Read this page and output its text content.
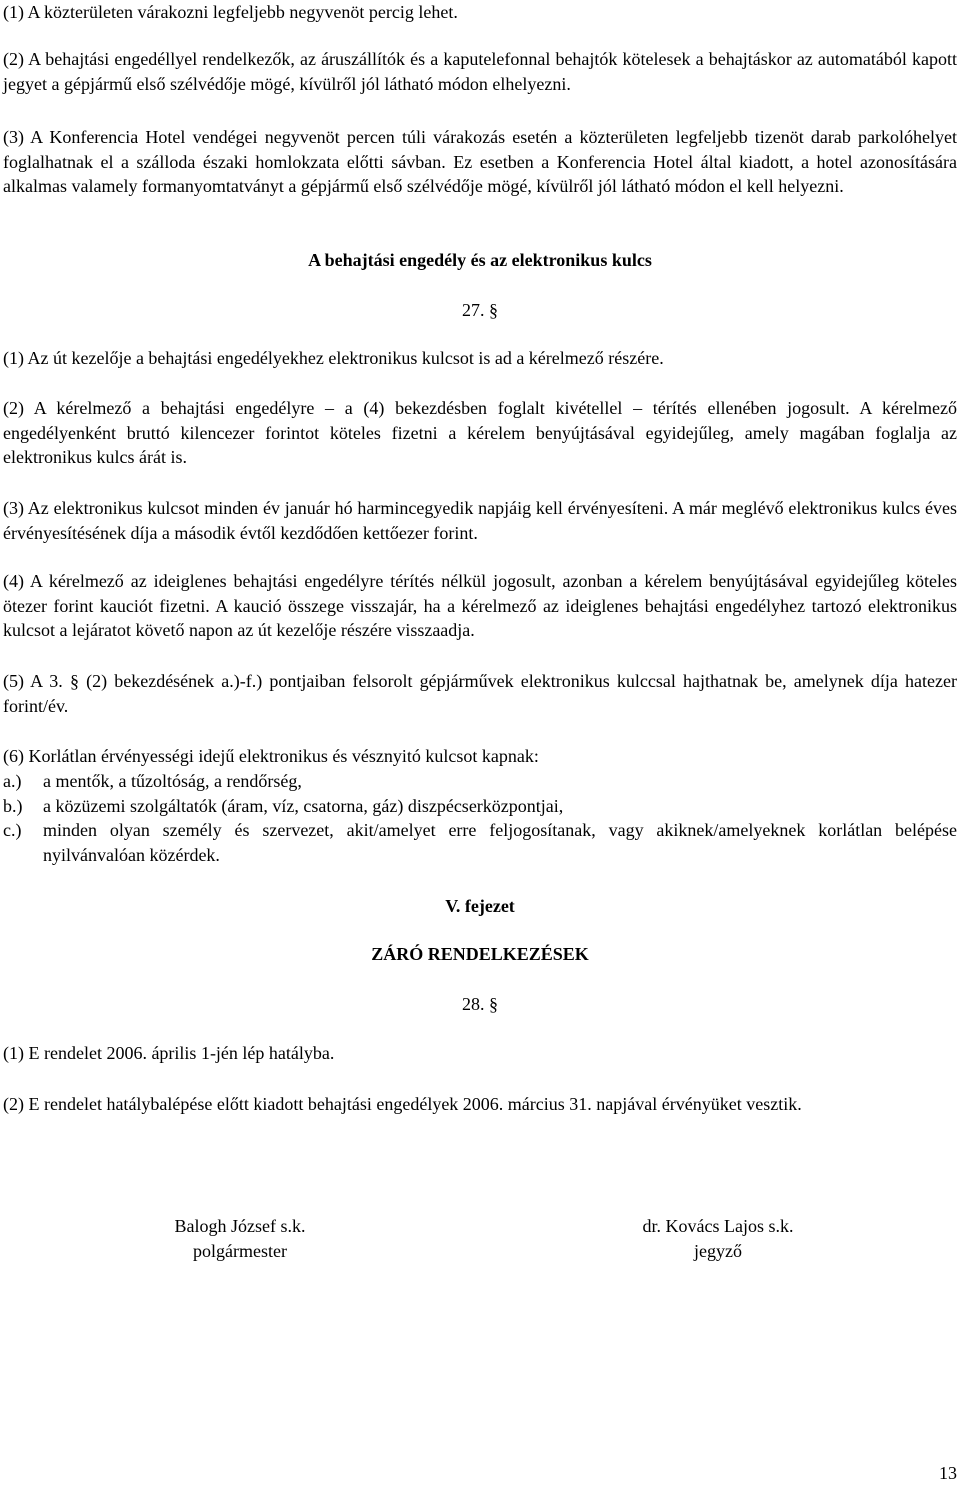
(1) A közterületen várakozni legfeljebb negyvenöt percig lehet.

(2) A behajtási engedéllyel rendelkezők, az áruszállítók és a kaputelefonnal behajtók kötelesek a behajtáskor az automatából kapott jegyet a gépjármű első szélvédője mögé, kívülről jól látható módon elhelyezni.

(3) A Konferencia Hotel vendégei negyvenöt percen túli várakozás esetén a közterületen legfeljebb tizenöt darab parkolóhelyet foglalhatnak el a szálloda északi homlokzata előtti sávban. Ez esetben a Konferencia Hotel által kiadott, a hotel azonosítására alkalmas valamely formanyomtatványt a gépjármű első szélvédője mögé, kívülről jól látható módon el kell helyezni.

A behajtási engedély és az elektronikus kulcs

27. §

(1) Az út kezelője a behajtási engedélyekhez elektronikus kulcsot is ad a kérelmező részére.

(2) A kérelmező a behajtási engedélyre – a (4) bekezdésben foglalt kivétellel – térítés ellenében jogosult. A kérelmező engedélyenként bruttó kilencezer forintot köteles fizetni a kérelem benyújtásával egyidejűleg, amely magában foglalja az elektronikus kulcs árát is.

(3) Az elektronikus kulcsot minden év január hó harmincegyedik napjáig kell érvényesíteni. A már meglévő elektronikus kulcs éves érvényesítésének díja a második évtől kezdődően kettőezer forint.

(4) A kérelmező az ideiglenes behajtási engedélyre térítés nélkül jogosult, azonban a kérelem benyújtásával egyidejűleg köteles ötezer forint kauciót fizetni. A kaució összege visszajár, ha a kérelmező az ideiglenes behajtási engedélyhez tartozó elektronikus kulcsot a lejáratot követő napon az út kezelője részére visszaadja.

(5) A 3. § (2) bekezdésének a.)-f.) pontjaiban felsorolt gépjárművek elektronikus kulccsal hajthatnak be, amelynek díja hatezer forint/év.

(6) Korlátlan érvényességi idejű elektronikus és vésznyitó kulcsot kapnak:

a.)	a mentők, a tűzoltóság, a rendőrség,
b.)	a közüzemi szolgáltatók (áram, víz, csatorna, gáz) diszpécserközpontjai,
c.)	minden olyan személy és szervezet, akit/amelyet erre feljogosítanak, vagy akiknek/amelyeknek korlátlan belépése nyilvánvalóan közérdek.

V. fejezet

ZÁRÓ RENDELKEZÉSEK

28. §

(1) E rendelet 2006. április 1-jén lép hatályba.

(2) E rendelet hatálybalépése előtt kiadott behajtási engedélyek 2006. március 31. napjával érvényüket vesztik.

Balogh József s.k.
polgármester
dr. Kovács Lajos s.k.
jegyző
13
